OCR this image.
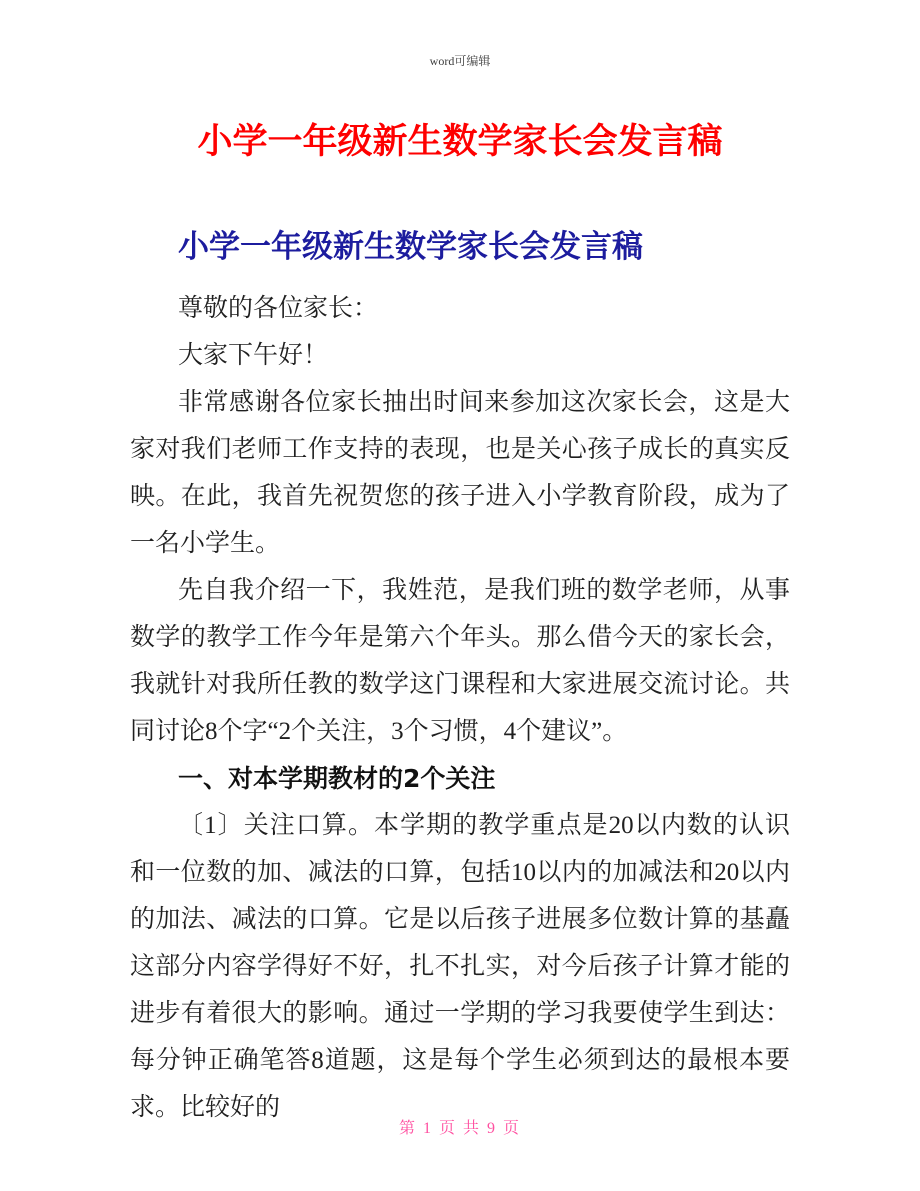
word可编辑
小学一年级新生数学家长会发言稿
小学一年级新生数学家长会发言稿

尊敬的各位家长：

大家下午好！

非常感谢各位家长抽出时间来参加这次家长会，这是大家对我们老师工作支持的表现，也是关心孩子成长的真实反映。在此，我首先祝贺您的孩子进入小学教育阶段，成为了一名小学生。

先自我介绍一下，我姓范，是我们班的数学老师，从事数学的教学工作今年是第六个年头。那么借今天的家长会，我就针对我所任教的数学这门课程和大家进展交流讨论。共同讨论8个字“2个关注，3个习惯，4个建议”。

一、对本学期教材的2个关注

〔1〕关注口算。本学期的教学重点是20以内数的认识和一位数的加、减法的口算，包括10以内的加减法和20以内的加法、减法的口算。它是以后孩子进展多位数计算的基矗这部分内容学得好不好，扎不扎实，对今后孩子计算才能的进步有着很大的影响。通过一学期的学习我要使学生到达：每分钟正确笔答8道题，这是每个学生必须到达的最根本要求。比较好的

第 1 页 共 9 页
